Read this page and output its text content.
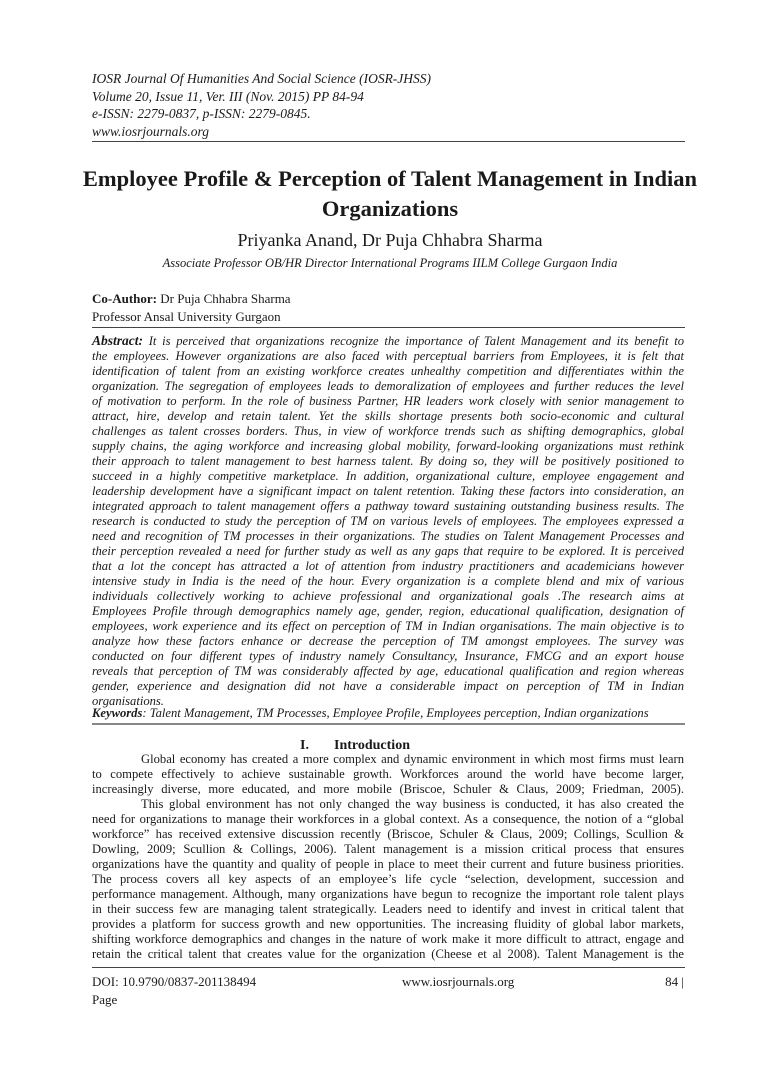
IOSR Journal Of Humanities And Social Science (IOSR-JHSS)
Volume 20, Issue 11, Ver. III (Nov. 2015) PP 84-94
e-ISSN: 2279-0837, p-ISSN: 2279-0845.
www.iosrjournals.org
Employee Profile & Perception of Talent Management in Indian
Organizations
Priyanka Anand, Dr Puja Chhabra Sharma
Associate Professor OB/HR Director International Programs IILM College Gurgaon India
Co-Author: Dr Puja Chhabra Sharma
Professor Ansal University Gurgaon
Abstract: It is perceived that organizations recognize the importance of Talent Management and its benefit to
the employees. However organizations are also faced with perceptual barriers from Employees, it is felt that
identification of talent from an existing workforce creates unhealthy competition and differentiates within the
organization. The segregation of employees leads to demoralization of employees and further reduces the level
of motivation to perform. In the role of business Partner, HR leaders work closely with senior management to
attract, hire, develop and retain talent. Yet the skills shortage presents both socio-economic and cultural
challenges as talent crosses borders. Thus, in view of workforce trends such as shifting demographics, global
supply chains, the aging workforce and increasing global mobility, forward-looking organizations must rethink
their approach to talent management to best harness talent. By doing so, they will be positively positioned to
succeed in a highly competitive marketplace. In addition, organizational culture, employee engagement and
leadership development have a significant impact on talent retention. Taking these factors into consideration, an
integrated approach to talent management offers a pathway toward sustaining outstanding business results. The
research is conducted to study the perception of TM on various levels of employees. The employees expressed a
need and recognition of TM processes in their organizations. The studies on Talent Management Processes and
their perception revealed a need for further study as well as any gaps that require to be explored. It is perceived
that a lot the concept has attracted a lot of attention from industry practitioners and academicians however
intensive study in India is the need of the hour. Every organization is a complete blend and mix of various
individuals collectively working to achieve professional and organizational goals .The research aims at
Employees Profile through demographics namely age, gender, region, educational qualification, designation of
employees, work experience and its effect on perception of TM in Indian organisations. The main objective is to
analyze how these factors enhance or decrease the perception of TM amongst employees. The survey was
conducted on four different types of industry namely Consultancy, Insurance, FMCG and an export house
reveals that perception of TM was considerably affected by age, educational qualification and region whereas
gender, experience and designation did not have a considerable impact on perception of TM in Indian
organisations.
Keywords: Talent Management, TM Processes, Employee Profile, Employees perception, Indian organizations
I. Introduction
Global economy has created a more complex and dynamic environment in which most firms must learn
to compete effectively to achieve sustainable growth. Workforces around the world have become larger,
increasingly diverse, more educated, and more mobile (Briscoe, Schuler & Claus, 2009; Friedman, 2005).
This global environment has not only changed the way business is conducted, it has also created the
need for organizations to manage their workforces in a global context. As a consequence, the notion of a “global
workforce” has received extensive discussion recently (Briscoe, Schuler & Claus, 2009; Collings, Scullion &
Dowling, 2009; Scullion & Collings, 2006). Talent management is a mission critical process that ensures
organizations have the quantity and quality of people in place to meet their current and future business priorities.
The process covers all key aspects of an employee’s life cycle “selection, development, succession and
performance management. Although, many organizations have begun to recognize the important role talent plays
in their success few are managing talent strategically. Leaders need to identify and invest in critical talent that
provides a platform for success growth and new opportunities. The increasing fluidity of global labor markets,
shifting workforce demographics and changes in the nature of work make it more difficult to attract, engage and
retain the critical talent that creates value for the organization (Cheese et al 2008). Talent Management is the
DOI: 10.9790/0837-201138494
Page
www.iosrjournals.org	84 |
